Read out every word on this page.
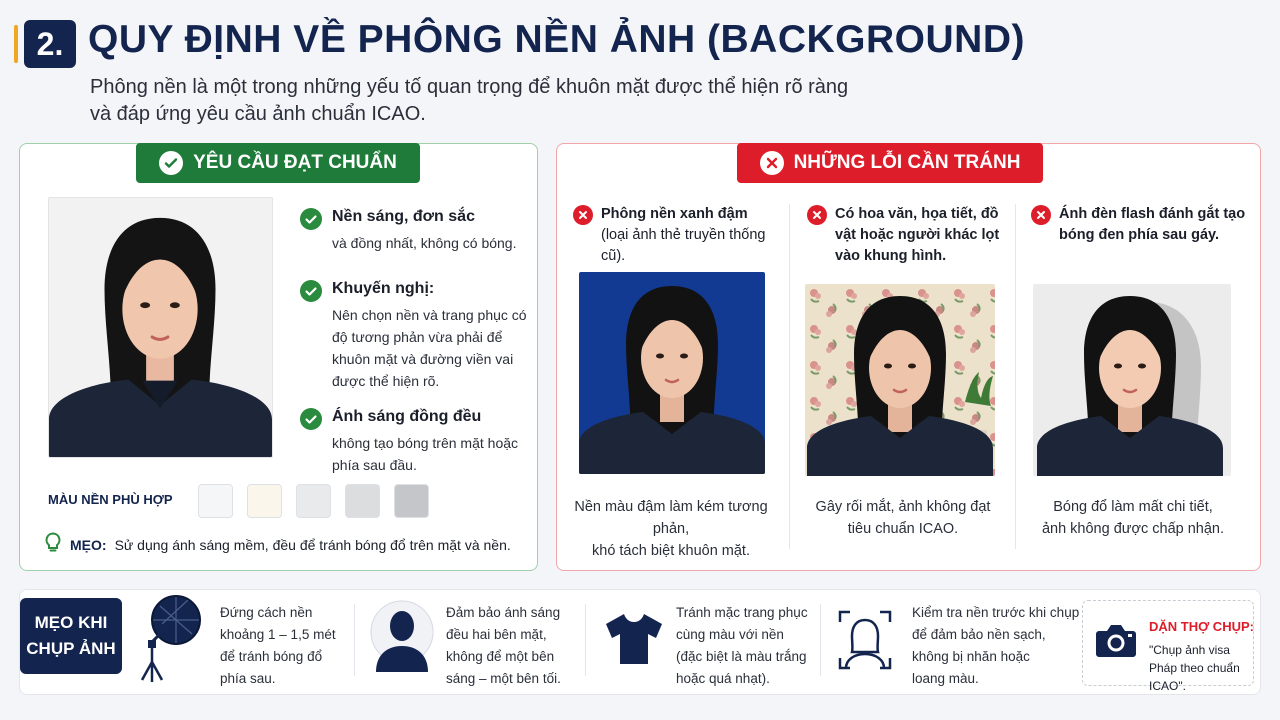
2. QUY ĐỊNH VỀ PHÔNG NỀN ẢNH (BACKGROUND)
Phông nền là một trong những yếu tố quan trọng để khuôn mặt được thể hiện rõ ràng
và đáp ứng yêu cầu ảnh chuẩn ICAO.
YÊU CẦU ĐẠT CHUẨN
Nền sáng, đơn sắc
và đồng nhất, không có bóng.
Khuyến nghị:
Nên chọn nền và trang phục có độ tương phản vừa phải để khuôn mặt và đường viền vai được thể hiện rõ.
Ánh sáng đồng đều
không tạo bóng trên mặt hoặc phía sau đầu.
MÀU NỀN PHÙ HỢP
MẸO: Sử dụng ánh sáng mềm, đều để tránh bóng đổ trên mặt và nền.
NHỮNG LỖI CẦN TRÁNH
Phông nền xanh đậm
(loại ảnh thẻ truyền thống cũ).
Nền màu đậm làm kém tương phản,
khó tách biệt khuôn mặt.
Có hoa văn, họa tiết, đồ vật hoặc người khác lọt vào khung hình.
Gây rối mắt, ảnh không đạt
tiêu chuẩn ICAO.
Ánh đèn flash đánh gắt tạo bóng đen phía sau gáy.
Bóng đổ làm mất chi tiết,
ảnh không được chấp nhận.
MẸO KHI
CHỤP ẢNH
Đứng cách nền
khoảng 1 – 1,5 mét
để tránh bóng đổ
phía sau.
Đảm bảo ánh sáng
đều hai bên mặt,
không để một bên
sáng – một bên tối.
Tránh mặc trang phục
cùng màu với nền
(đặc biệt là màu trắng
hoặc quá nhạt).
Kiểm tra nền trước khi chụp
để đảm bảo nền sạch,
không bị nhăn hoặc
loang màu.
DẶN THỢ CHỤP:
"Chụp ảnh visa Pháp theo chuẩn ICAO".
